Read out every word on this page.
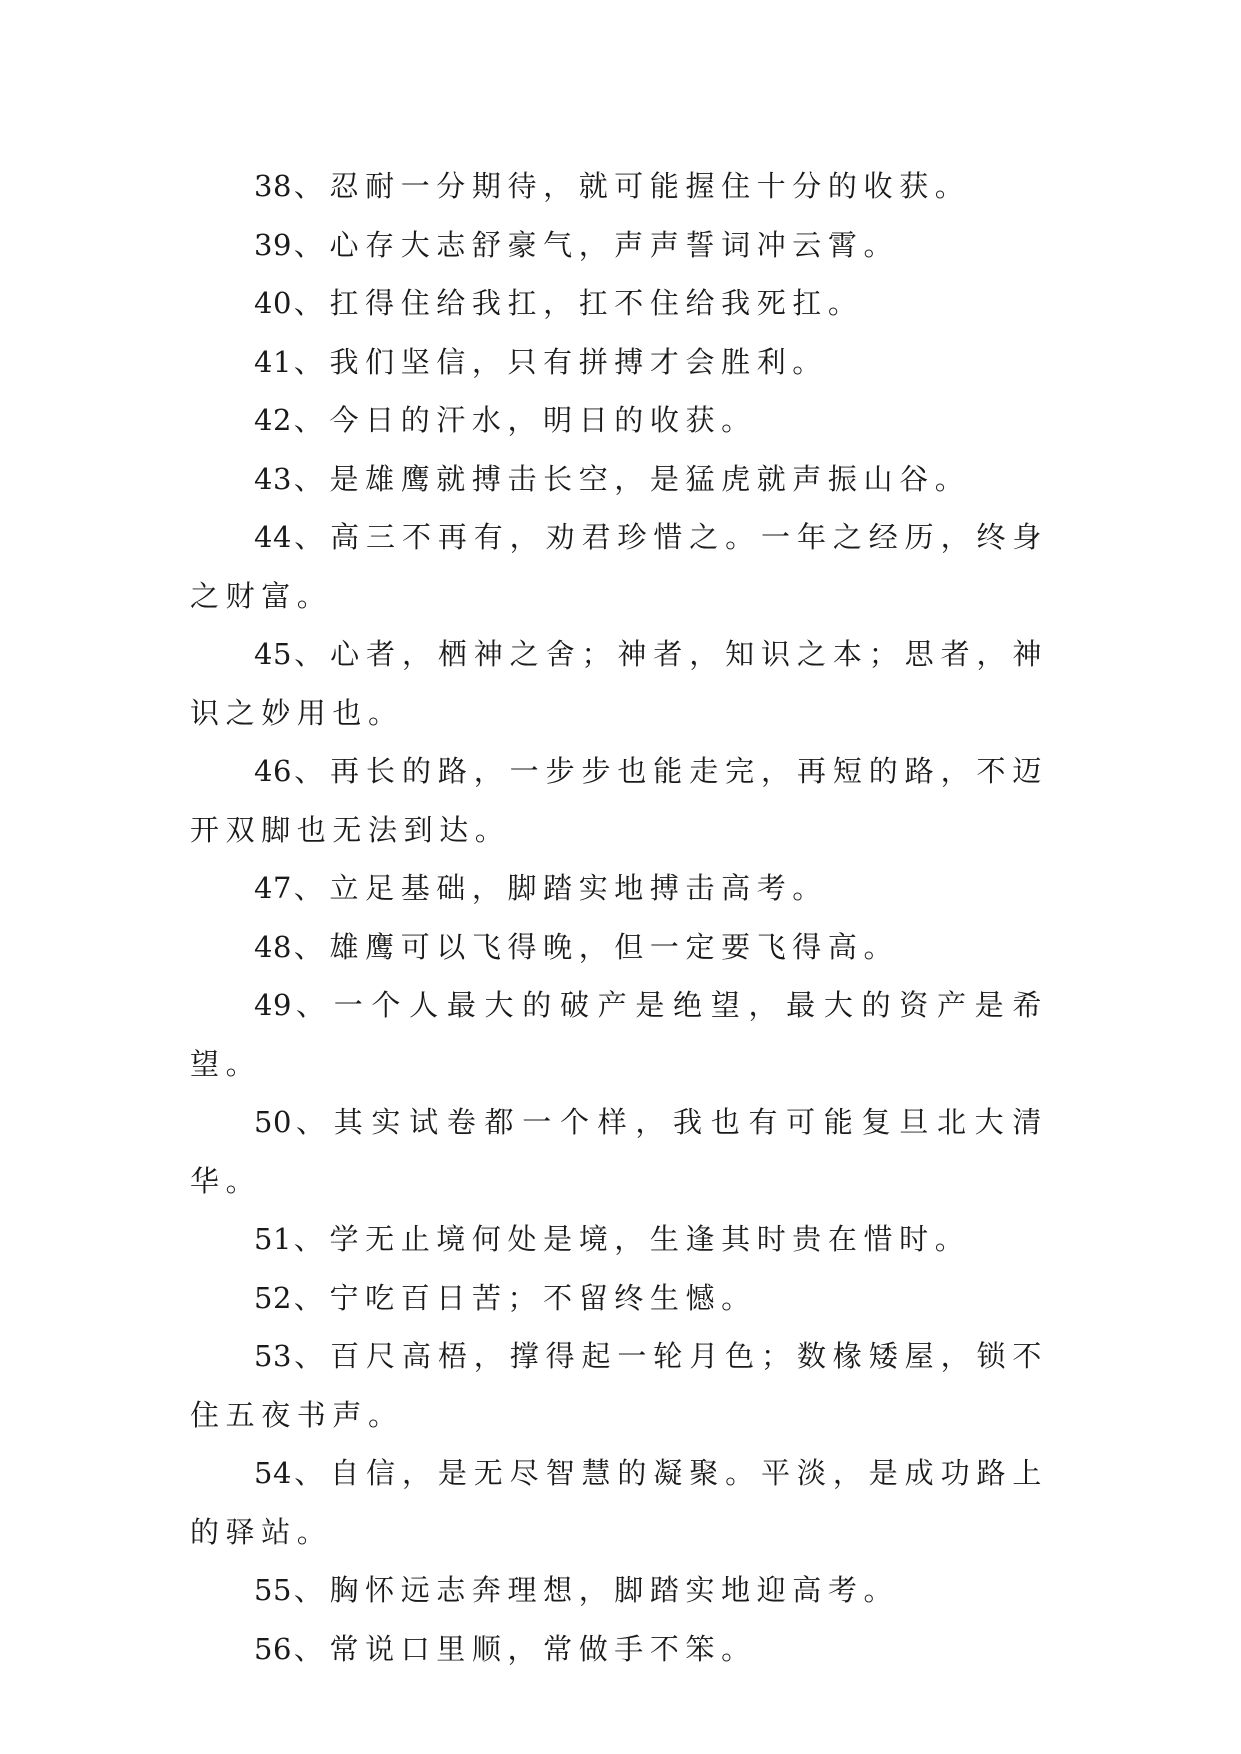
38、忍耐一分期待，就可能握住十分的收获。

39、心存大志舒豪气，声声誓词冲云霄。

40、扛得住给我扛，扛不住给我死扛。

41、我们坚信，只有拼搏才会胜利。

42、今日的汗水，明日的收获。

43、是雄鹰就搏击长空，是猛虎就声振山谷。

44、高三不再有，劝君珍惜之。一年之经历，终身之财富。

45、心者，栖神之舍；神者，知识之本；思者，神识之妙用也。

46、再长的路，一步步也能走完，再短的路，不迈开双脚也无法到达。

47、立足基础，脚踏实地搏击高考。

48、雄鹰可以飞得晚，但一定要飞得高。

49、一个人最大的破产是绝望，最大的资产是希望。

50、其实试卷都一个样，我也有可能复旦北大清华。

51、学无止境何处是境，生逢其时贵在惜时。

52、宁吃百日苦；不留终生憾。

53、百尺高梧，撑得起一轮月色；数椽矮屋，锁不住五夜书声。

54、自信，是无尽智慧的凝聚。平淡，是成功路上的驿站。

55、胸怀远志奔理想，脚踏实地迎高考。

56、常说口里顺，常做手不笨。
